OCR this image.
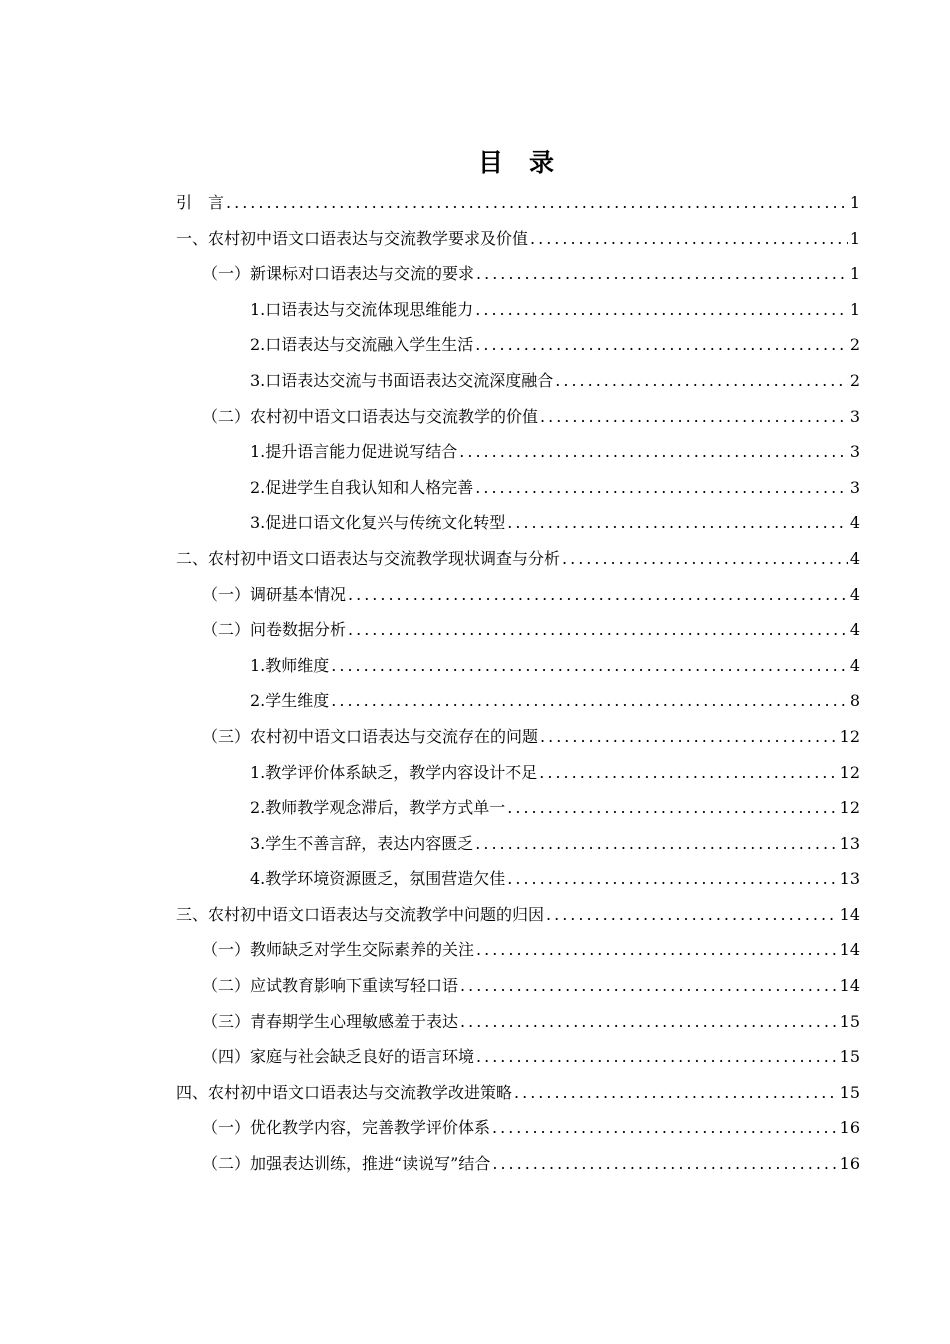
目 录
引　言 .....	1
一、农村初中语文口语表达与交流教学要求及价值 .....	1
（一）新课标对口语表达与交流的要求 .....	1
1.口语表达与交流体现思维能力 .....	1
2.口语表达与交流融入学生生活 .....	2
3.口语表达交流与书面语表达交流深度融合 .....	2
（二）农村初中语文口语表达与交流教学的价值 .....	3
1.提升语言能力促进说写结合 .....	3
2.促进学生自我认知和人格完善 .....	3
3.促进口语文化复兴与传统文化转型 .....	4
二、农村初中语文口语表达与交流教学现状调查与分析 .....	4
（一）调研基本情况 .....	4
（二）问卷数据分析 .....	4
1.教师维度 .....	4
2.学生维度 .....	8
（三）农村初中语文口语表达与交流存在的问题 .....	12
1.教学评价体系缺乏，教学内容设计不足 .....	12
2.教师教学观念滞后，教学方式单一 .....	12
3.学生不善言辞，表达内容匮乏 .....	13
4.教学环境资源匮乏，氛围营造欠佳 .....	13
三、农村初中语文口语表达与交流教学中问题的归因 .....	14
（一）教师缺乏对学生交际素养的关注 .....	14
（二）应试教育影响下重读写轻口语 .....	14
（三）青春期学生心理敏感羞于表达 .....	15
（四）家庭与社会缺乏良好的语言环境 .....	15
四、农村初中语文口语表达与交流教学改进策略 .....	15
（一）优化教学内容，完善教学评价体系 .....	16
（二）加强表达训练，推进“读说写”结合 .....	16
